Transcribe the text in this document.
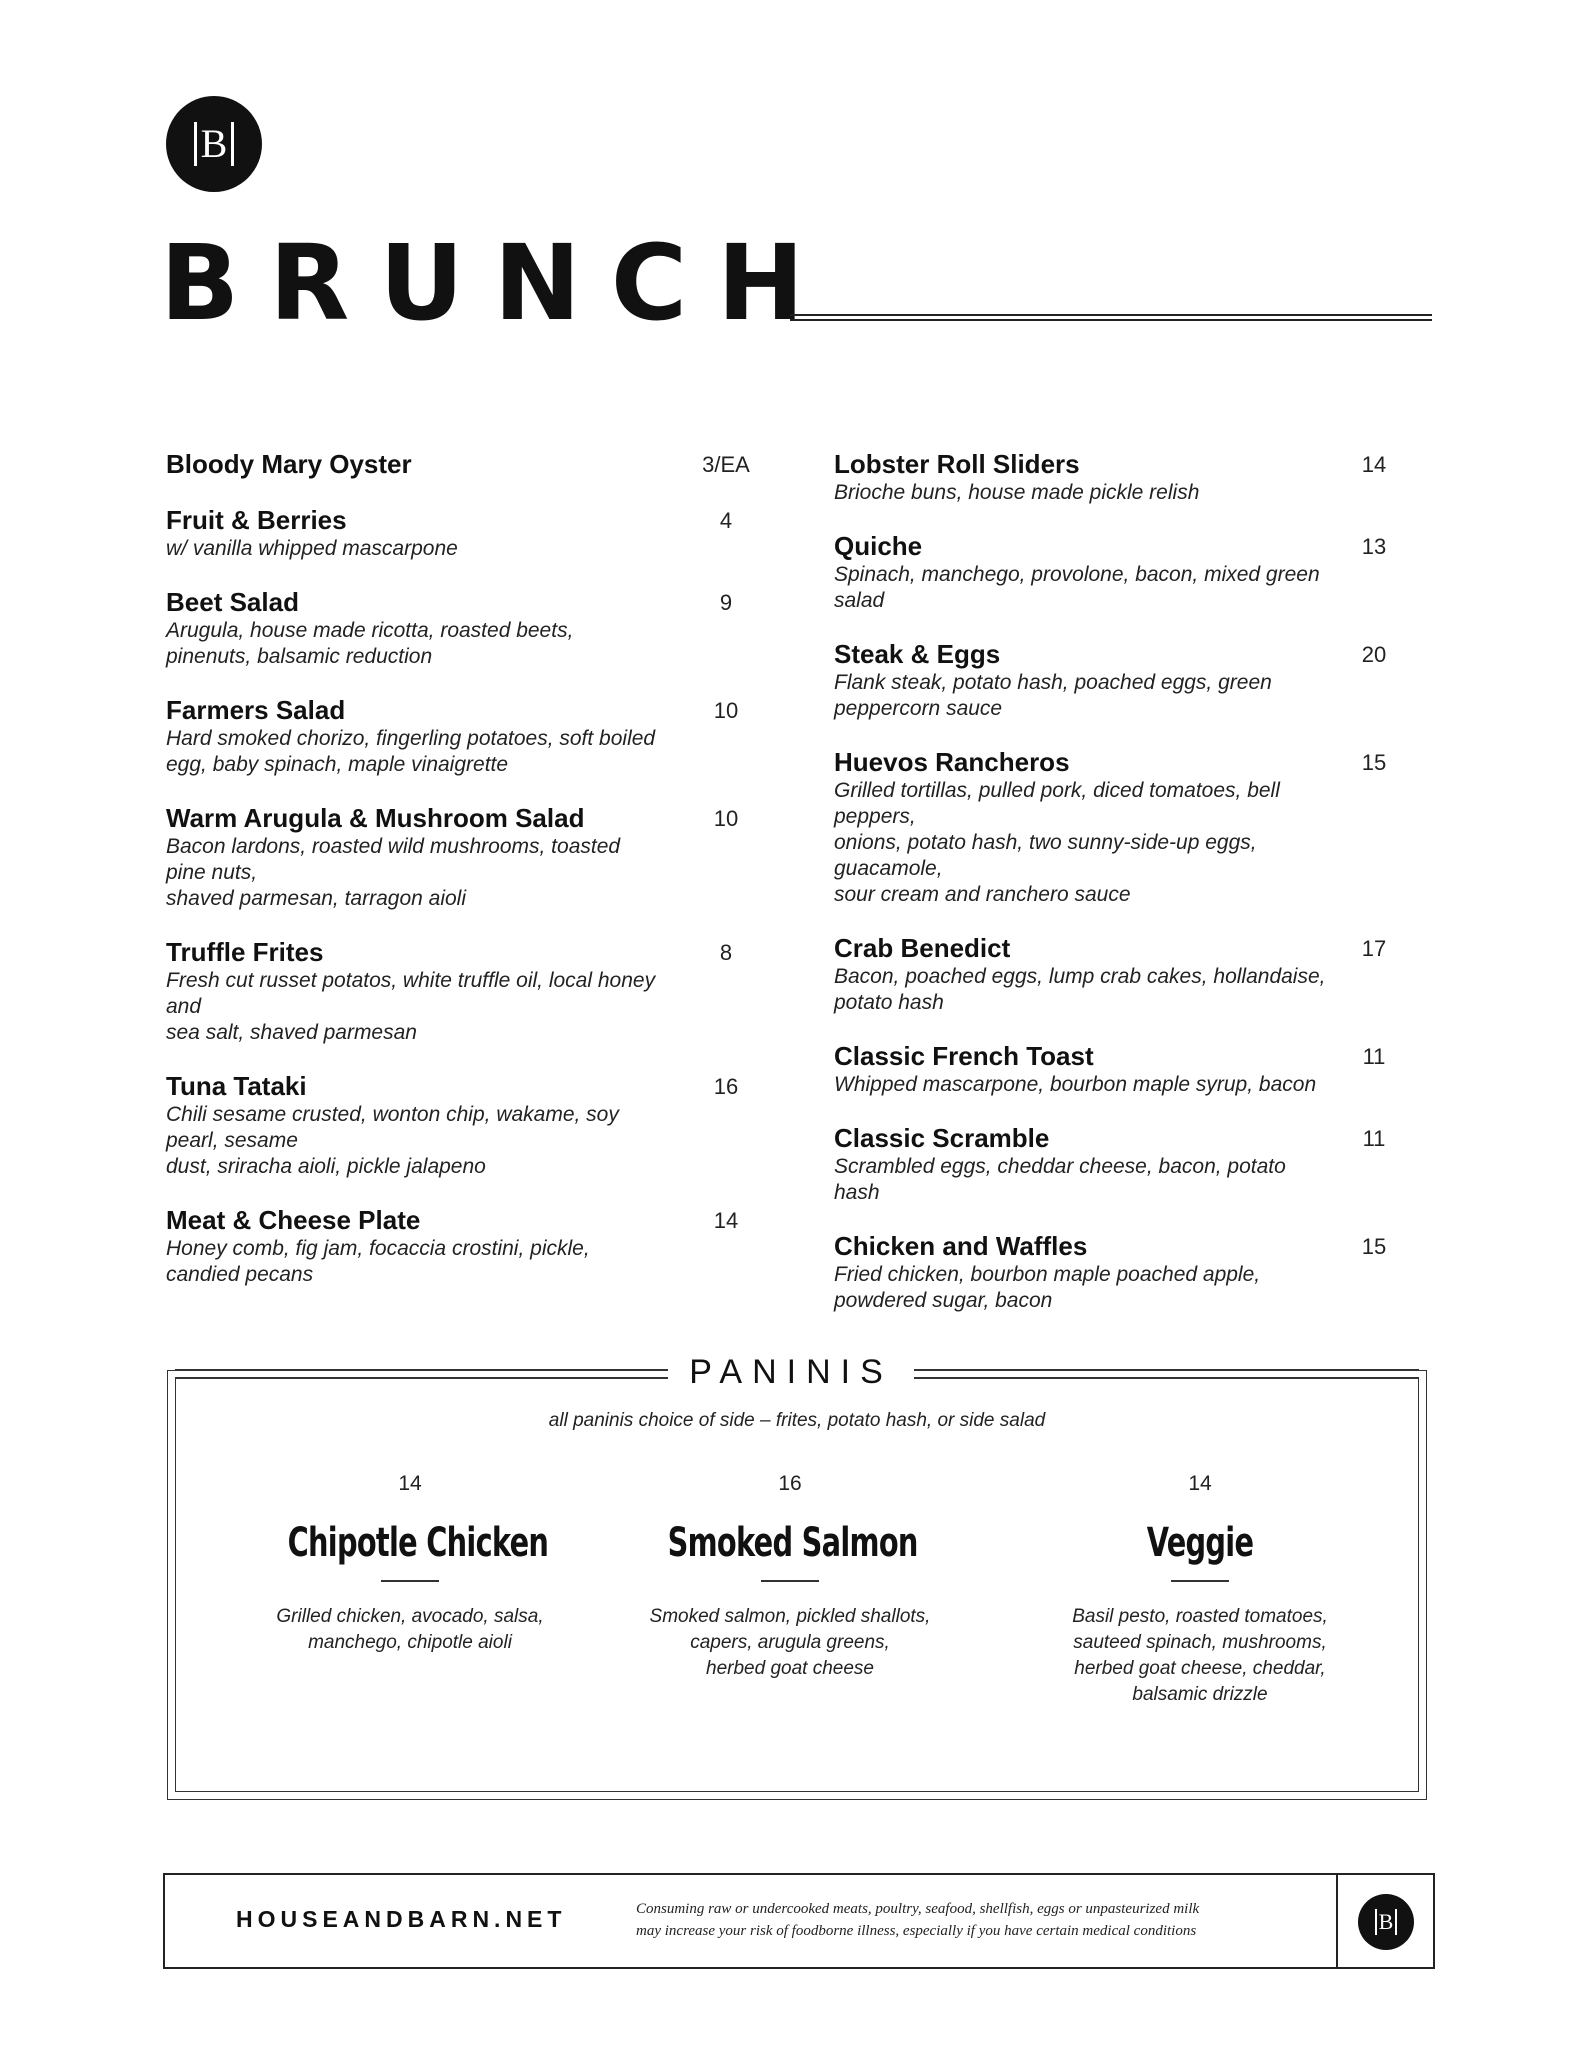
B
BRUNCH
Bloody Mary Oyster	3/EA
Fruit & Berries	4
w/ vanilla whipped mascarpone
Beet Salad	9
Arugula, house made ricotta, roasted beets,
pinenuts, balsamic reduction
Farmers Salad	10
Hard smoked chorizo, fingerling potatoes, soft boiled
egg, baby spinach, maple vinaigrette
Warm Arugula & Mushroom Salad	10
Bacon lardons, roasted wild mushrooms, toasted
pine nuts,
shaved parmesan, tarragon aioli
Truffle Frites	8
Fresh cut russet potatos, white truffle oil, local honey
and
sea salt, shaved parmesan
Tuna Tataki	16
Chili sesame crusted, wonton chip, wakame, soy
pearl, sesame
dust, sriracha aioli, pickle jalapeno
Meat & Cheese Plate	14
Honey comb, fig jam, focaccia crostini, pickle,
candied pecans
Lobster Roll Sliders	14
Brioche buns, house made pickle relish
Quiche	13
Spinach, manchego, provolone, bacon, mixed green
salad
Steak & Eggs	20
Flank steak, potato hash, poached eggs, green
peppercorn sauce
Huevos Rancheros	15
Grilled tortillas, pulled pork, diced tomatoes, bell
peppers,
onions, potato hash, two sunny-side-up eggs,
guacamole,
sour cream and ranchero sauce
Crab Benedict	17
Bacon, poached eggs, lump crab cakes, hollandaise,
potato hash
Classic French Toast	11
Whipped mascarpone, bourbon maple syrup, bacon
Classic Scramble	11
Scrambled eggs, cheddar cheese, bacon, potato
hash
Chicken and Waffles	15
Fried chicken, bourbon maple poached apple,
powdered sugar, bacon
PANINIS
all paninis choice of side – frites, potato hash, or side salad
14
Chipotle Chicken
Grilled chicken, avocado, salsa,
manchego, chipotle aioli
16
Smoked Salmon
Smoked salmon, pickled shallots,
capers, arugula greens,
herbed goat cheese
14
Veggie
Basil pesto, roasted tomatoes,
sauteed spinach, mushrooms,
herbed goat cheese, cheddar,
balsamic drizzle
HOUSEANDBARN.NET	Consuming raw or undercooked meats, poultry, seafood, shellfish, eggs or unpasteurized milk
may increase your risk of foodborne illness, especially if you have certain medical conditions	B
